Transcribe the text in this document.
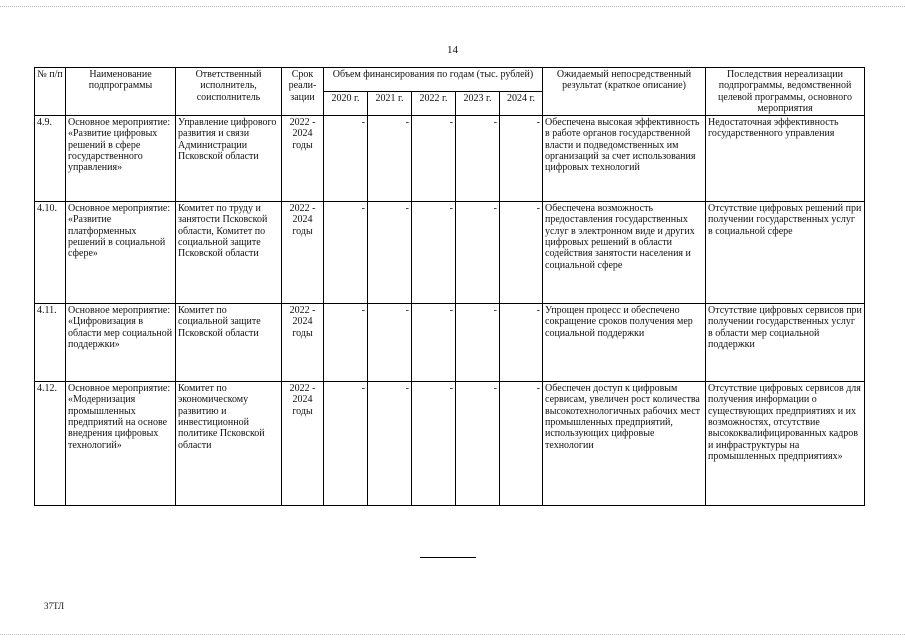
14
№ п/п	Наименование подпрограммы	Ответственный исполнитель, соисполнитель	Срок реали-зации	Объем финансирования по годам (тыс. рублей)					Ожидаемый непосредственный результат (краткое описание)	Последствия нереализации подпрограммы, ведомственной целевой программы, основного мероприятия
				2020 г.	2021 г.	2022 г.	2023 г.	2024 г.		
4.9.	Основное мероприятие: «Развитие цифровых решений в сфере государственного управления»	Управление цифрового развития и связи Администрации Псковской области	2022 - 2024 годы	-	-	-	-	-	Обеспечена высокая эффективность в работе органов государственной власти и подведомственных им организаций за счет использования цифровых технологий	Недостаточная эффективность государственного управления
4.10.	Основное мероприятие: «Развитие платформенных решений в социальной сфере»	Комитет по труду и занятости Псковской области, Комитет по социальной защите Псковской области	2022 - 2024 годы	-	-	-	-	-	Обеспечена возможность предоставления государственных услуг в электронном виде и других цифровых решений в области содействия занятости населения и социальной сфере	Отсутствие цифровых решений при получении государственных услуг в социальной сфере
4.11.	Основное мероприятие: «Цифровизация в области мер социальной поддержки»	Комитет по социальной защите Псковской области	2022 - 2024 годы	-	-	-	-	-	Упрощен процесс и обеспечено сокращение сроков получения мер социальной поддержки	Отсутствие цифровых сервисов при получении государственных услуг в области мер социальной поддержки
4.12.	Основное мероприятие: «Модернизация промышленных предприятий на основе внедрения цифровых технологий»	Комитет по экономическому развитию и инвестиционной политике Псковской области	2022 - 2024 годы	-	-	-	-	-	Обеспечен доступ к цифровым сервисам, увеличен рост количества высокотехнологичных рабочих мест промышленных предприятий, использующих цифровые технологии	Отсутствие цифровых сервисов для получения информации о существующих предприятиях и их возможностях, отсутствие высококвалифицированных кадров и инфраструктуры на промышленных предприятиях»
37ТЛ
